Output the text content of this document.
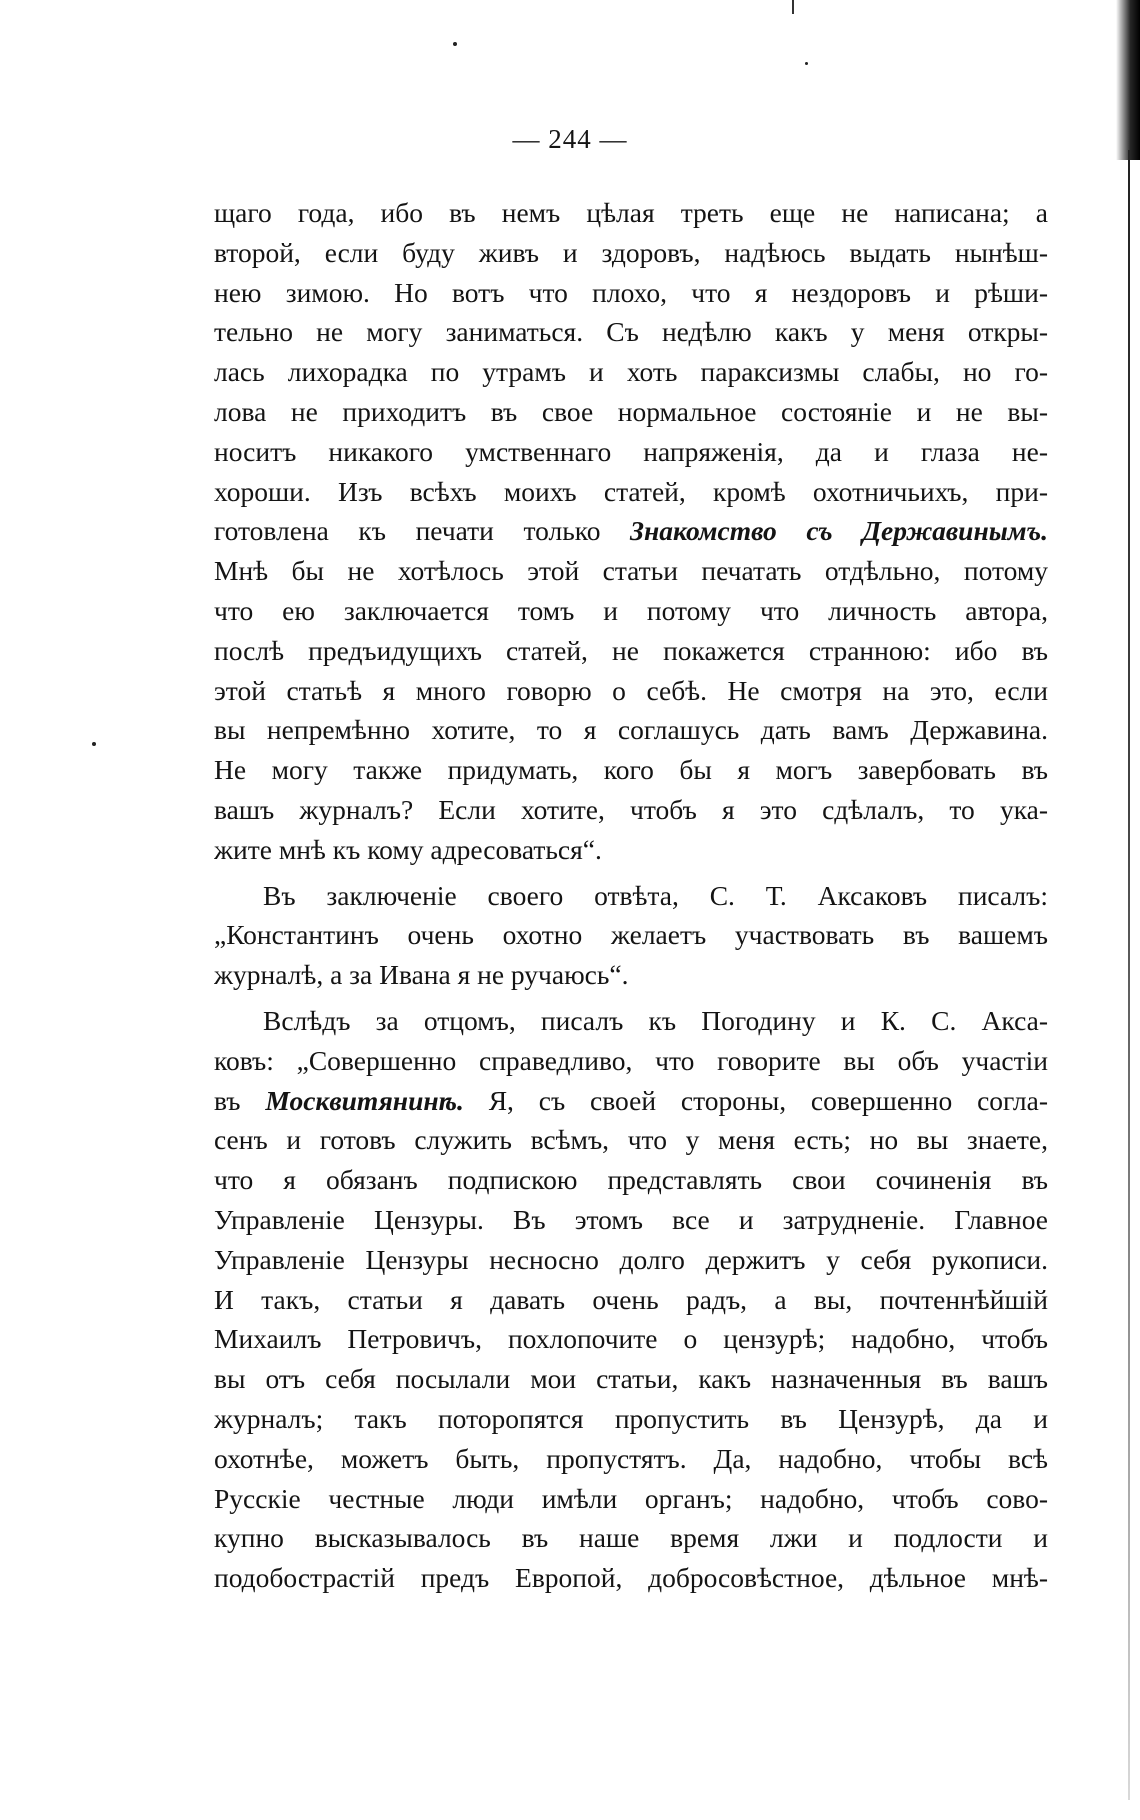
— 244 —
щаго года, ибо въ немъ цѣлая треть еще не написана; а
второй, если буду живъ и здоровъ, надѣюсь выдать нынѣш-
нею зимою. Но вотъ что плохо, что я нездоровъ и рѣши-
тельно не могу заниматься. Съ недѣлю какъ у меня откры-
лась лихорадка по утрамъ и хоть параксизмы слабы, но го-
лова не приходитъ въ свое нормальное состоянie и не вы-
носитъ никакого умственнаго напряженiя, да и глаза не-
хороши. Изъ всѣхъ моихъ статей, кромѣ охотничьихъ, при-
готовлена къ печати только Знакомство съ Державинымъ.
Мнѣ бы не хотѣлось этой статьи печатать отдѣльно, потому
что ею заключается томъ и потому что личность автора,
послѣ предъидущихъ статей, не покажется странною: ибо въ
этой статьѣ я много говорю о себѣ. Не смотря на это, если
вы непремѣнно хотите, то я соглашусь дать вамъ Державина.
Не могу также придумать, кого бы я могъ завербовать въ
вашъ журналъ? Если хотите, чтобъ я это сдѣлалъ, то ука-
жите мнѣ къ кому адресоваться“.
Въ заключенie своего отвѣта, С. Т. Аксаковъ писалъ:
„Константинъ очень охотно желаетъ участвовать въ вашемъ
журналѣ, а за Ивана я не ручаюсь“.
Вслѣдъ за отцомъ, писалъ къ Погодину и К. С. Акса-
ковъ: „Совершенно справедливо, что говорите вы объ участiи
въ Москвитянинѣ. Я, съ своей стороны, совершенно согла-
сенъ и готовъ служить всѣмъ, что у меня есть; но вы знаете,
что я обязанъ подпискою представлять свои сочиненiя въ
Управленie Цензуры. Въ этомъ все и затрудненie. Главное
Управленie Цензуры несносно долго держитъ у себя рукописи.
И такъ, статьи я давать очень радъ, а вы, почтеннѣйшiй
Михаилъ Петровичъ, похлопочите о цензурѣ; надобно, чтобъ
вы отъ себя посылали мои статьи, какъ назначенныя въ вашъ
журналъ; такъ поторопятся пропустить въ Цензурѣ, да и
охотнѣе, можетъ быть, пропустятъ. Да, надобно, чтобы всѣ
Русскiе честные люди имѣли органъ; надобно, чтобъ сово-
купно высказывалось въ наше время лжи и подлости и
подобострастiй предъ Европой, добросовѣстное, дѣльное мнѣ-
